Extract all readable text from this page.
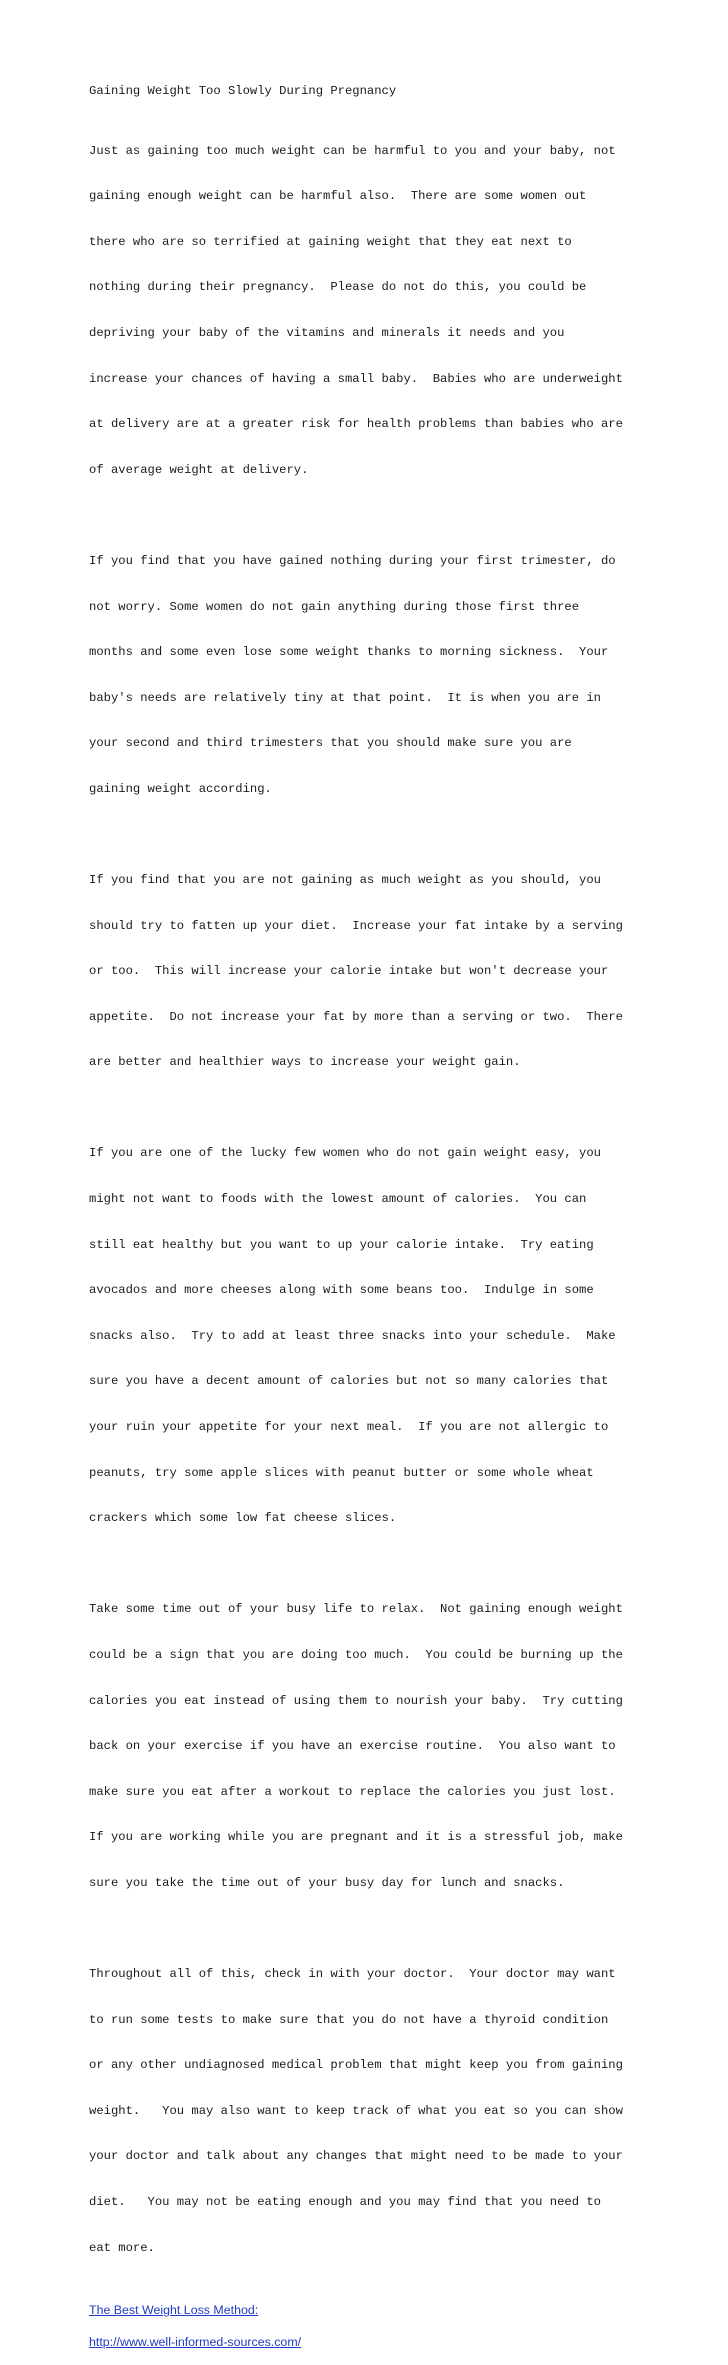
Gaining Weight Too Slowly During Pregnancy

Just as gaining too much weight can be harmful to you and your baby, not

gaining enough weight can be harmful also.  There are some women out

there who are so terrified at gaining weight that they eat next to

nothing during their pregnancy.  Please do not do this, you could be

depriving your baby of the vitamins and minerals it needs and you

increase your chances of having a small baby.  Babies who are underweight

at delivery are at a greater risk for health problems than babies who are

of average weight at delivery.

If you find that you have gained nothing during your first trimester, do

not worry. Some women do not gain anything during those first three

months and some even lose some weight thanks to morning sickness.  Your

baby's needs are relatively tiny at that point.  It is when you are in

your second and third trimesters that you should make sure you are

gaining weight according.

If you find that you are not gaining as much weight as you should, you

should try to fatten up your diet.  Increase your fat intake by a serving

or too.  This will increase your calorie intake but won't decrease your

appetite.  Do not increase your fat by more than a serving or two.  There

are better and healthier ways to increase your weight gain.

If you are one of the lucky few women who do not gain weight easy, you

might not want to foods with the lowest amount of calories.  You can

still eat healthy but you want to up your calorie intake.  Try eating

avocados and more cheeses along with some beans too.  Indulge in some

snacks also.  Try to add at least three snacks into your schedule.  Make

sure you have a decent amount of calories but not so many calories that

your ruin your appetite for your next meal.  If you are not allergic to

peanuts, try some apple slices with peanut butter or some whole wheat

crackers which some low fat cheese slices.

Take some time out of your busy life to relax.  Not gaining enough weight

could be a sign that you are doing too much.  You could be burning up the

calories you eat instead of using them to nourish your baby.  Try cutting

back on your exercise if you have an exercise routine.  You also want to

make sure you eat after a workout to replace the calories you just lost.

If you are working while you are pregnant and it is a stressful job, make

sure you take the time out of your busy day for lunch and snacks.

Throughout all of this, check in with your doctor.  Your doctor may want

to run some tests to make sure that you do not have a thyroid condition

or any other undiagnosed medical problem that might keep you from gaining

weight.   You may also want to keep track of what you eat so you can show

your doctor and talk about any changes that might need to be made to your

diet.   You may not be eating enough and you may find that you need to

eat more.

The Best Weight Loss Method:
http://www.well-informed-sources.com/
